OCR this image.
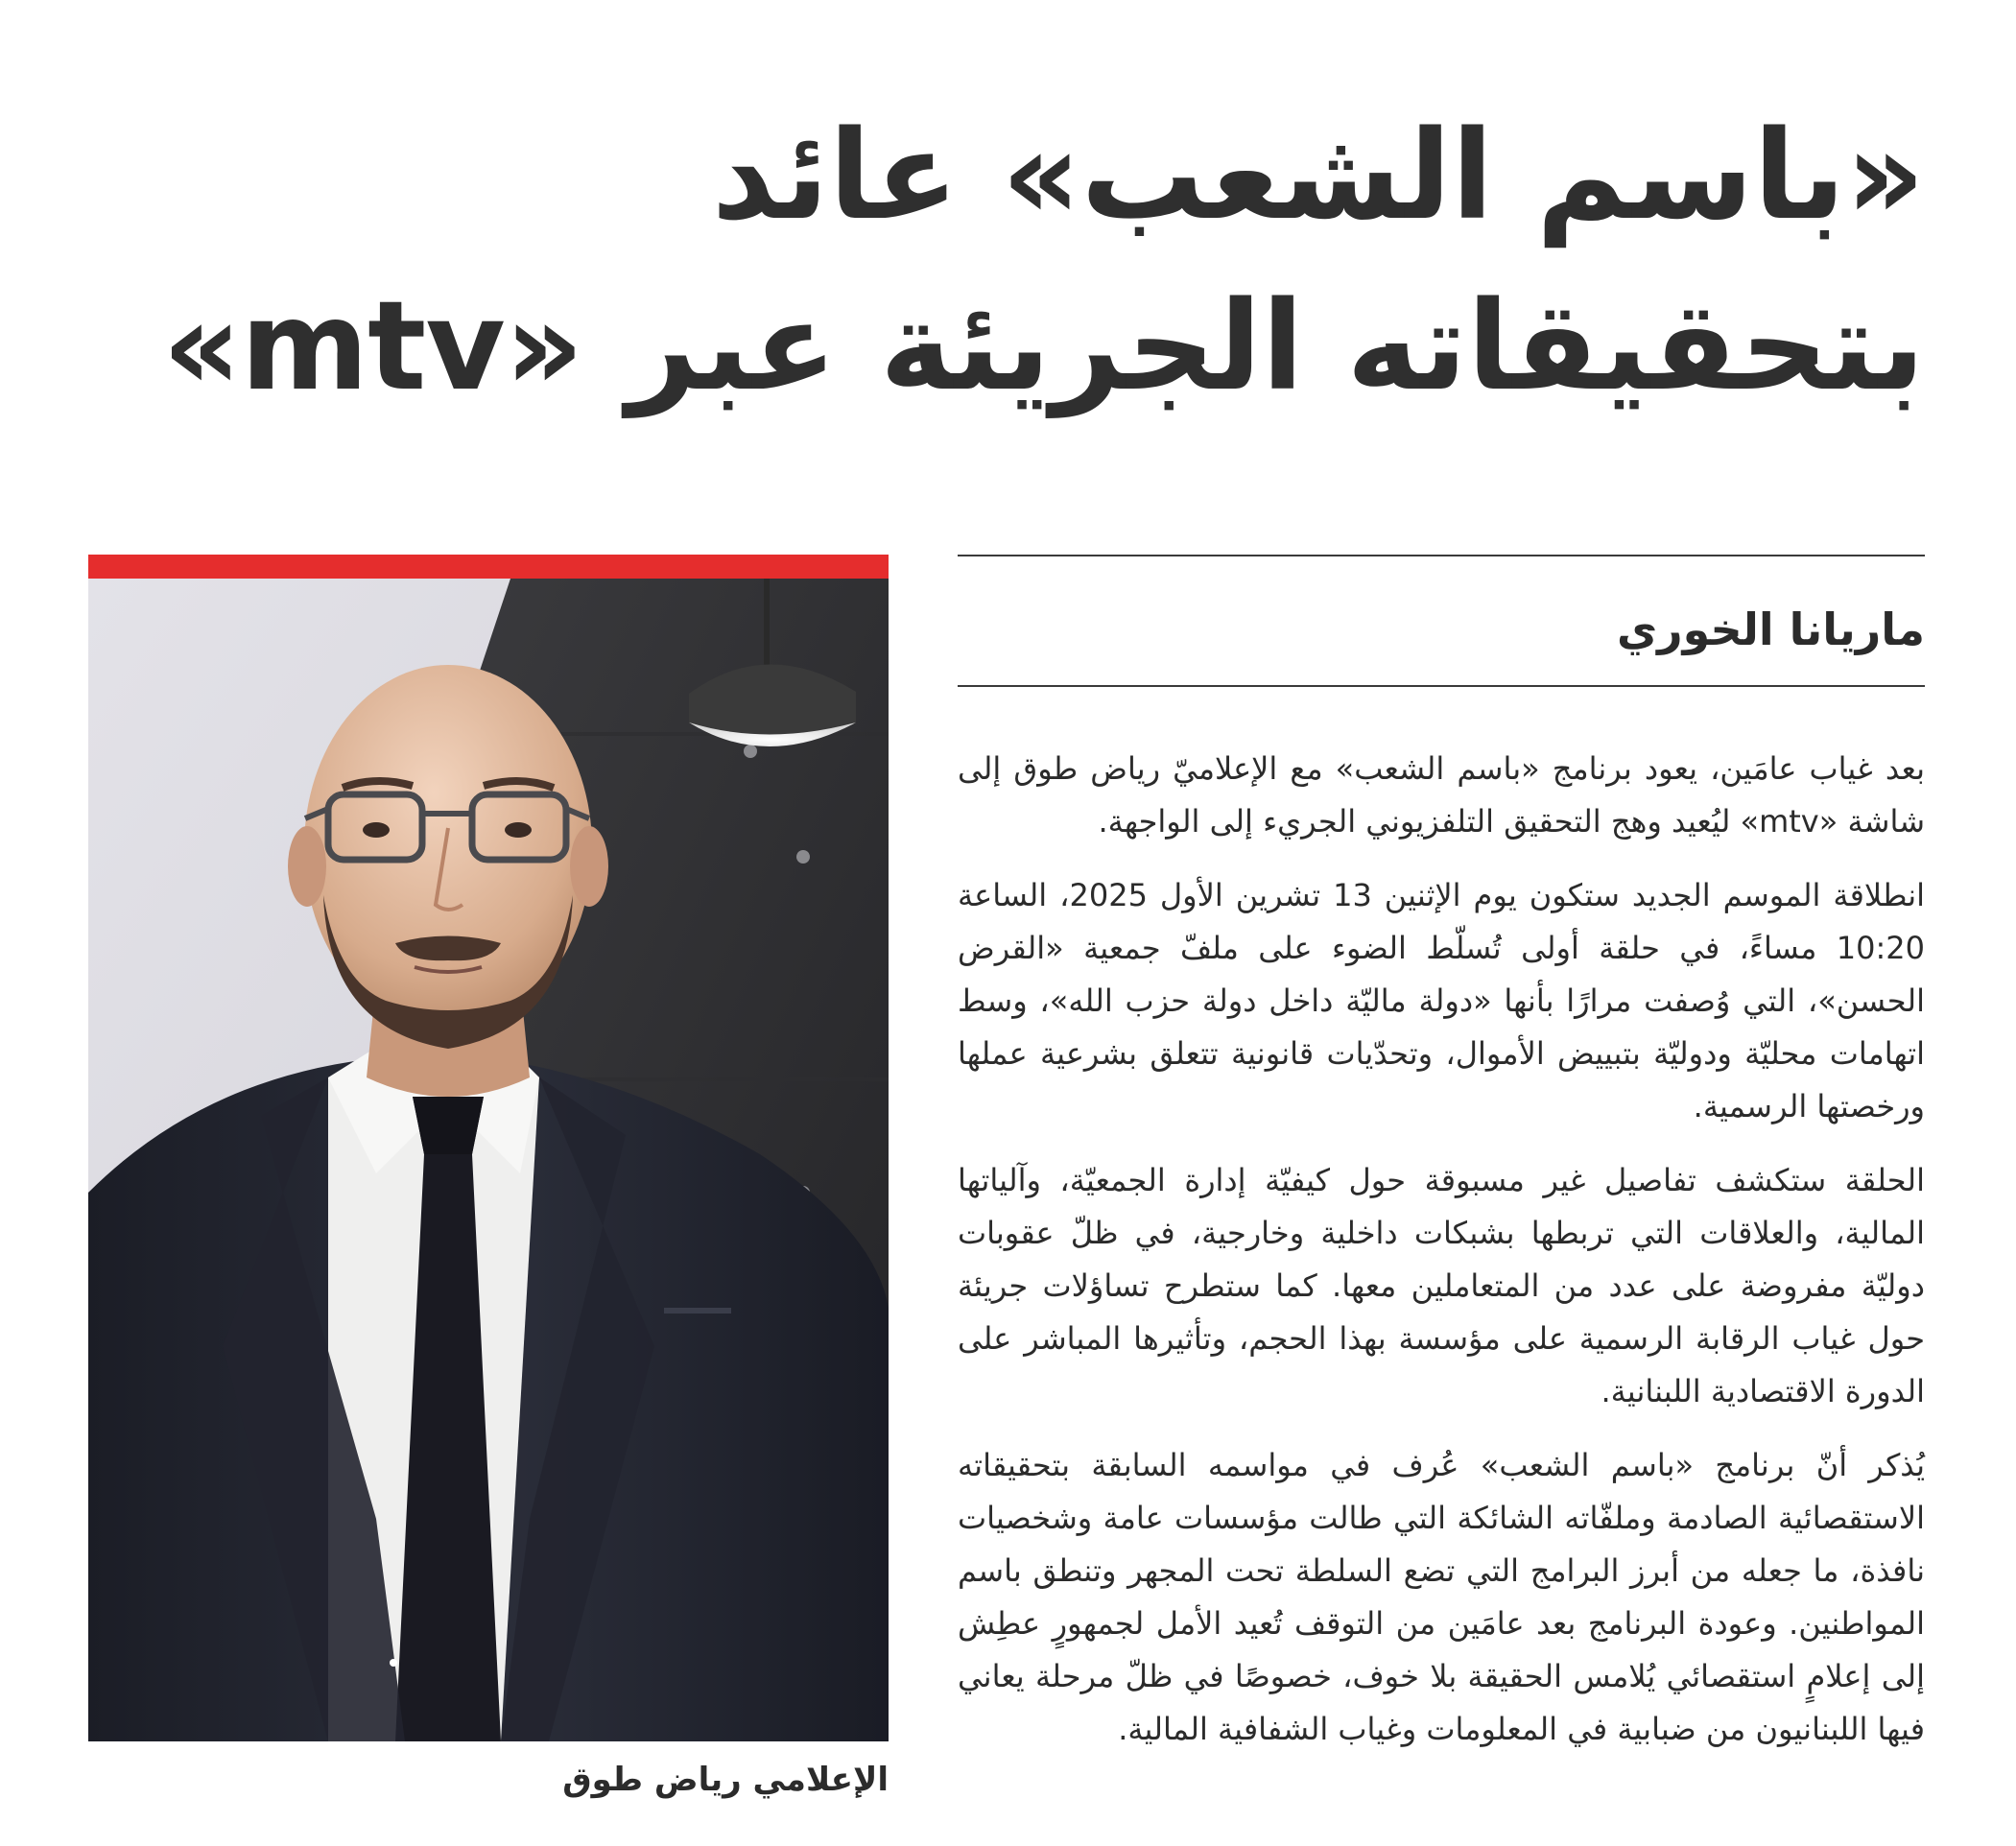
«باسم الشعب» عائد
بتحقيقاته الجريئة عبر «mtv»
ماريانا الخوري

بعد غياب عامَين، يعود برنامج «باسم الشعب» مع الإعلاميّ رياض طوق إلى شاشة «mtv» ليُعيد وهج التحقيق التلفزيوني الجريء إلى الواجهة.

انطلاقة الموسم الجديد ستكون يوم الإثنين 13 تشرين الأول 2025، الساعة 10:20 مساءً، في حلقة أولى تُسلّط الضوء على ملفّ جمعية «القرض الحسن»، التي وُصفت مرارًا بأنها «دولة ماليّة داخل دولة حزب الله»، وسط اتهامات محليّة ودوليّة بتبييض الأموال، وتحدّيات قانونية تتعلق بشرعية عملها ورخصتها الرسمية.

الحلقة ستكشف تفاصيل غير مسبوقة حول كيفيّة إدارة الجمعيّة، وآلياتها المالية، والعلاقات التي تربطها بشبكات داخلية وخارجية، في ظلّ عقوبات دوليّة مفروضة على عدد من المتعاملين معها. كما ستطرح تساؤلات جريئة حول غياب الرقابة الرسمية على مؤسسة بهذا الحجم، وتأثيرها المباشر على الدورة الاقتصادية اللبنانية.

يُذكر أنّ برنامج «باسم الشعب» عُرف في مواسمه السابقة بتحقيقاته الاستقصائية الصادمة وملفّاته الشائكة التي طالت مؤسسات عامة وشخصيات نافذة، ما جعله من أبرز البرامج التي تضع السلطة تحت المجهر وتنطق باسم المواطنين. وعودة البرنامج بعد عامَين من التوقف تُعيد الأمل لجمهورٍ عطِش إلى إعلامٍ استقصائي يُلامس الحقيقة بلا خوف، خصوصًا في ظلّ مرحلة يعاني فيها اللبنانيون من ضبابية في المعلومات وغياب الشفافية المالية.

الإعلامي رياض طوق
